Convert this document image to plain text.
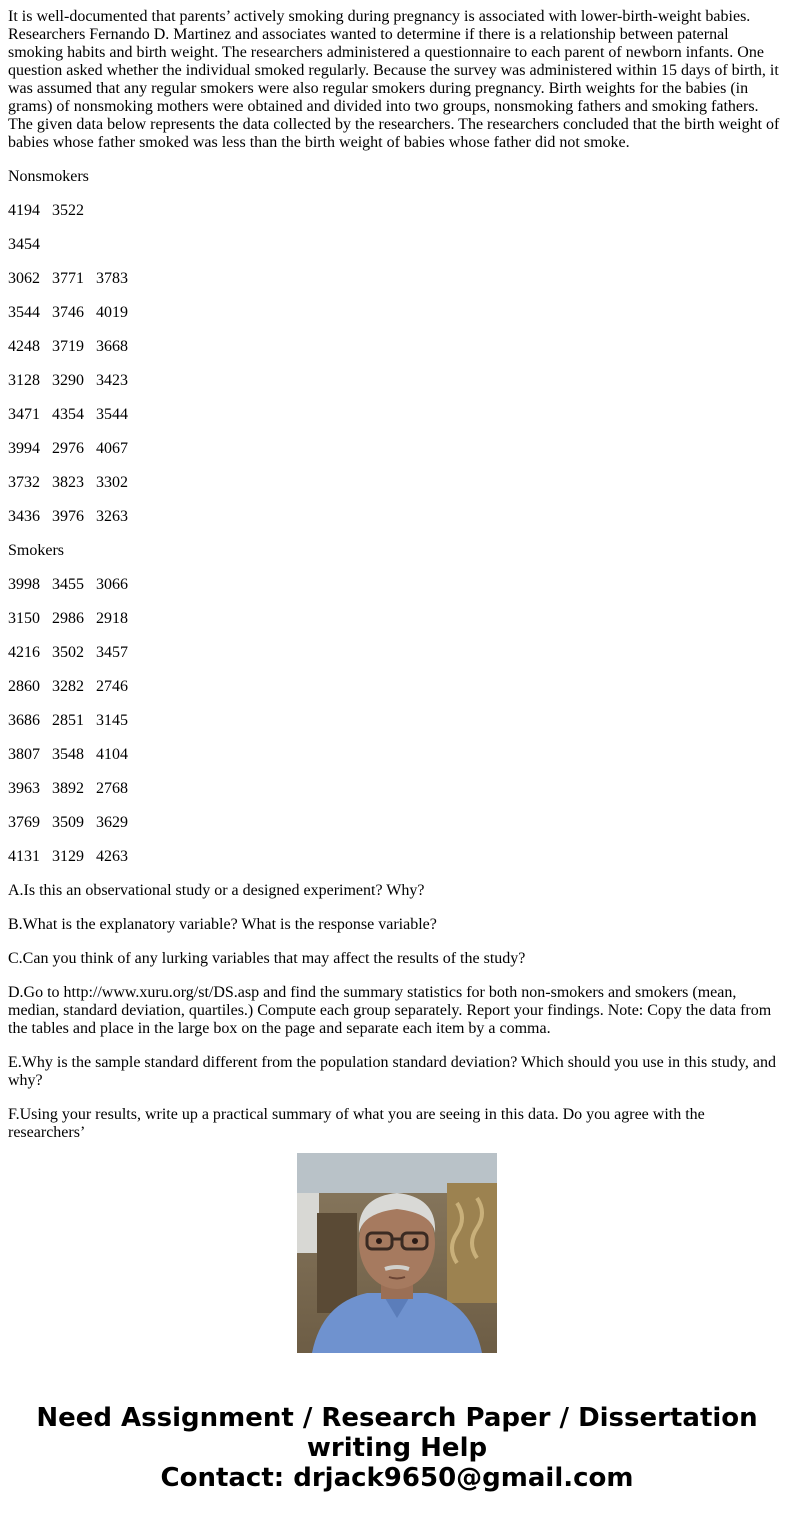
It is well-documented that parents’ actively smoking during pregnancy is associated with lower-birth-weight babies. Researchers Fernando D. Martinez and associates wanted to determine if there is a relationship between paternal smoking habits and birth weight. The researchers administered a questionnaire to each parent of newborn infants. One question asked whether the individual smoked regularly. Because the survey was administered within 15 days of birth, it was assumed that any regular smokers were also regular smokers during pregnancy. Birth weights for the babies (in grams) of nonsmoking mothers were obtained and divided into two groups, nonsmoking fathers and smoking fathers. The given data below represents the data collected by the researchers. The researchers concluded that the birth weight of babies whose father smoked was less than the birth weight of babies whose father did not smoke.

Nonsmokers

4194 3522

3454

3062 3771 3783

3544 3746 4019

4248 3719 3668

3128 3290 3423

3471 4354 3544

3994 2976 4067

3732 3823 3302

3436 3976 3263

Smokers

3998 3455 3066

3150 2986 2918

4216 3502 3457

2860 3282 2746

3686 2851 3145

3807 3548 4104

3963 3892 2768

3769 3509 3629

4131 3129 4263

A.Is this an observational study or a designed experiment? Why?

B.What is the explanatory variable? What is the response variable?

C.Can you think of any lurking variables that may affect the results of the study?

D.Go to http://www.xuru.org/st/DS.asp and find the summary statistics for both non-smokers and smokers (mean, median, standard deviation, quartiles.) Compute each group separately. Report your findings. Note: Copy the data from the tables and place in the large box on the page and separate each item by a comma.

E.Why is the sample standard different from the population standard deviation? Which should you use in this study, and why?

F.Using your results, write up a practical summary of what you are seeing in this data. Do you agree with the researchers’

Need Assignment / Research Paper / Dissertation
writing Help
Contact: drjack9650@gmail.com
